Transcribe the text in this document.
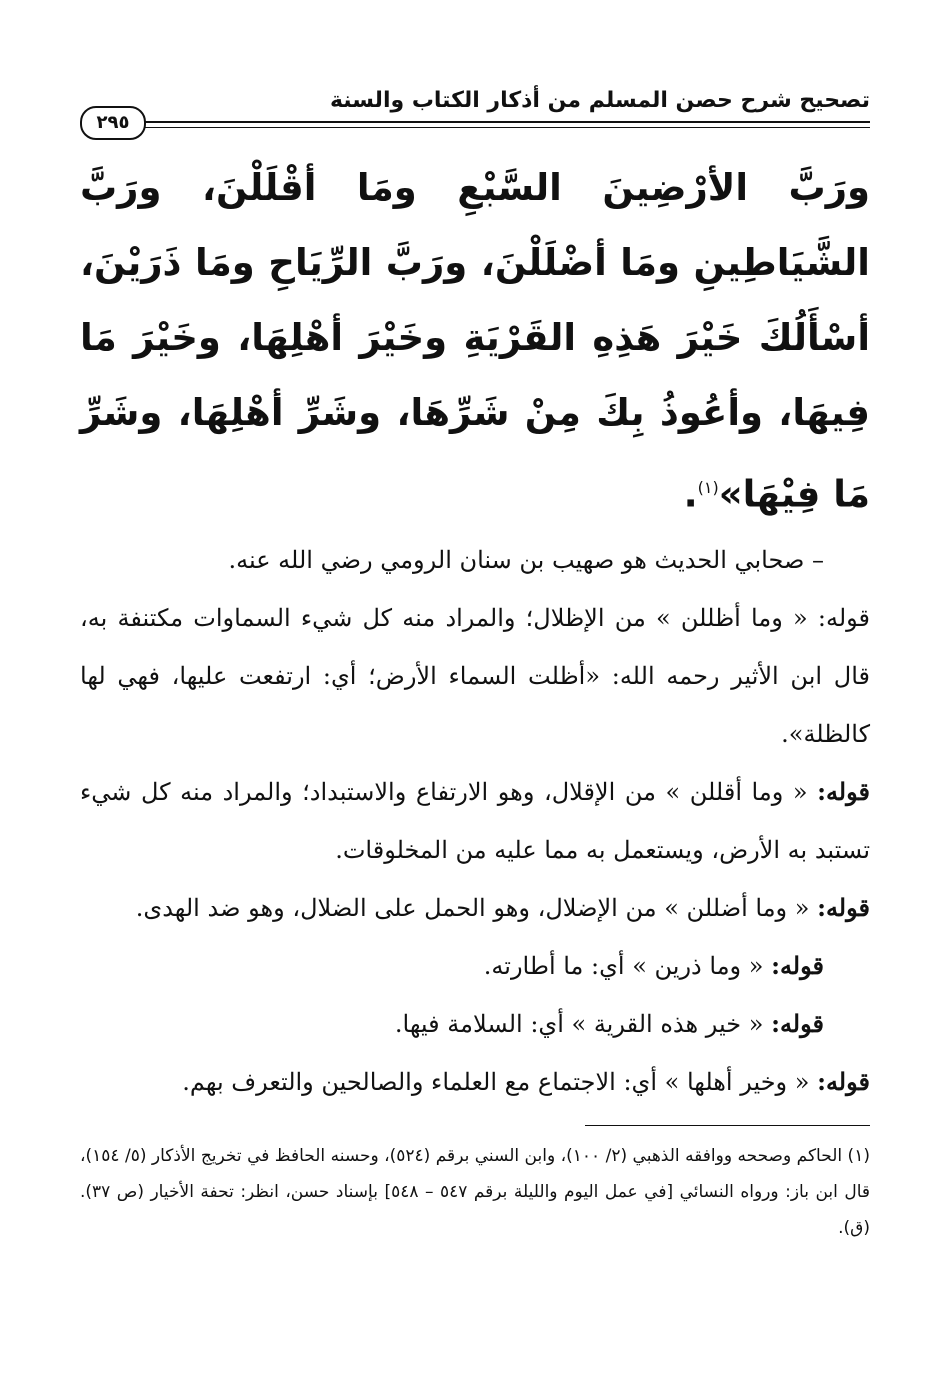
تصحيح شرح حصن المسلم من أذكار الكتاب والسنة
٢٩٥

ورَبَّ الأرْضِينَ السَّبْعِ ومَا أقْلَلْنَ، ورَبَّ الشَّيَاطِينِ ومَا أضْلَلْنَ، ورَبَّ الرِّيَاحِ ومَا ذَرَيْنَ، أسْأَلُكَ خَيْرَ هَذِهِ القَرْيَةِ وخَيْرَ أهْلِهَا، وخَيْرَ مَا فِيهَا، وأعُوذُ بِكَ مِنْ شَرِّهَا، وشَرِّ أهْلِهَا، وشَرِّ مَا فِيْهَا»$^{(١)}$.

– صحابي الحديث هو صهيب بن سنان الرومي رضي الله عنه.

قوله: « وما أظللن » من الإظلال؛ والمراد منه كل شيء السماوات مكتنفة به، قال ابن الأثير رحمه الله: «أظلت السماء الأرض؛ أي: ارتفعت عليها، فهي لها كالظلة».

قوله: « وما أقللن » من الإقلال، وهو الارتفاع والاستبداد؛ والمراد منه كل شيء تستبد به الأرض، ويستعمل به مما عليه من المخلوقات.

قوله: « وما أضللن » من الإضلال، وهو الحمل على الضلال، وهو ضد الهدى.

قوله: « وما ذرين » أي: ما أطارته.

قوله: « خير هذه القرية » أي: السلامة فيها.

قوله: « وخير أهلها » أي: الاجتماع مع العلماء والصالحين والتعرف بهم.

(١) الحاكم وصححه ووافقه الذهبي (٢/ ١٠٠)، وابن السني برقم (٥٢٤)، وحسنه الحافظ في تخريج الأذكار (٥/ ١٥٤)، قال ابن باز: ورواه النسائي [في عمل اليوم والليلة برقم ٥٤٧ – ٥٤٨] بإسناد حسن، انظر: تحفة الأخيار (ص ٣٧). (ق).
